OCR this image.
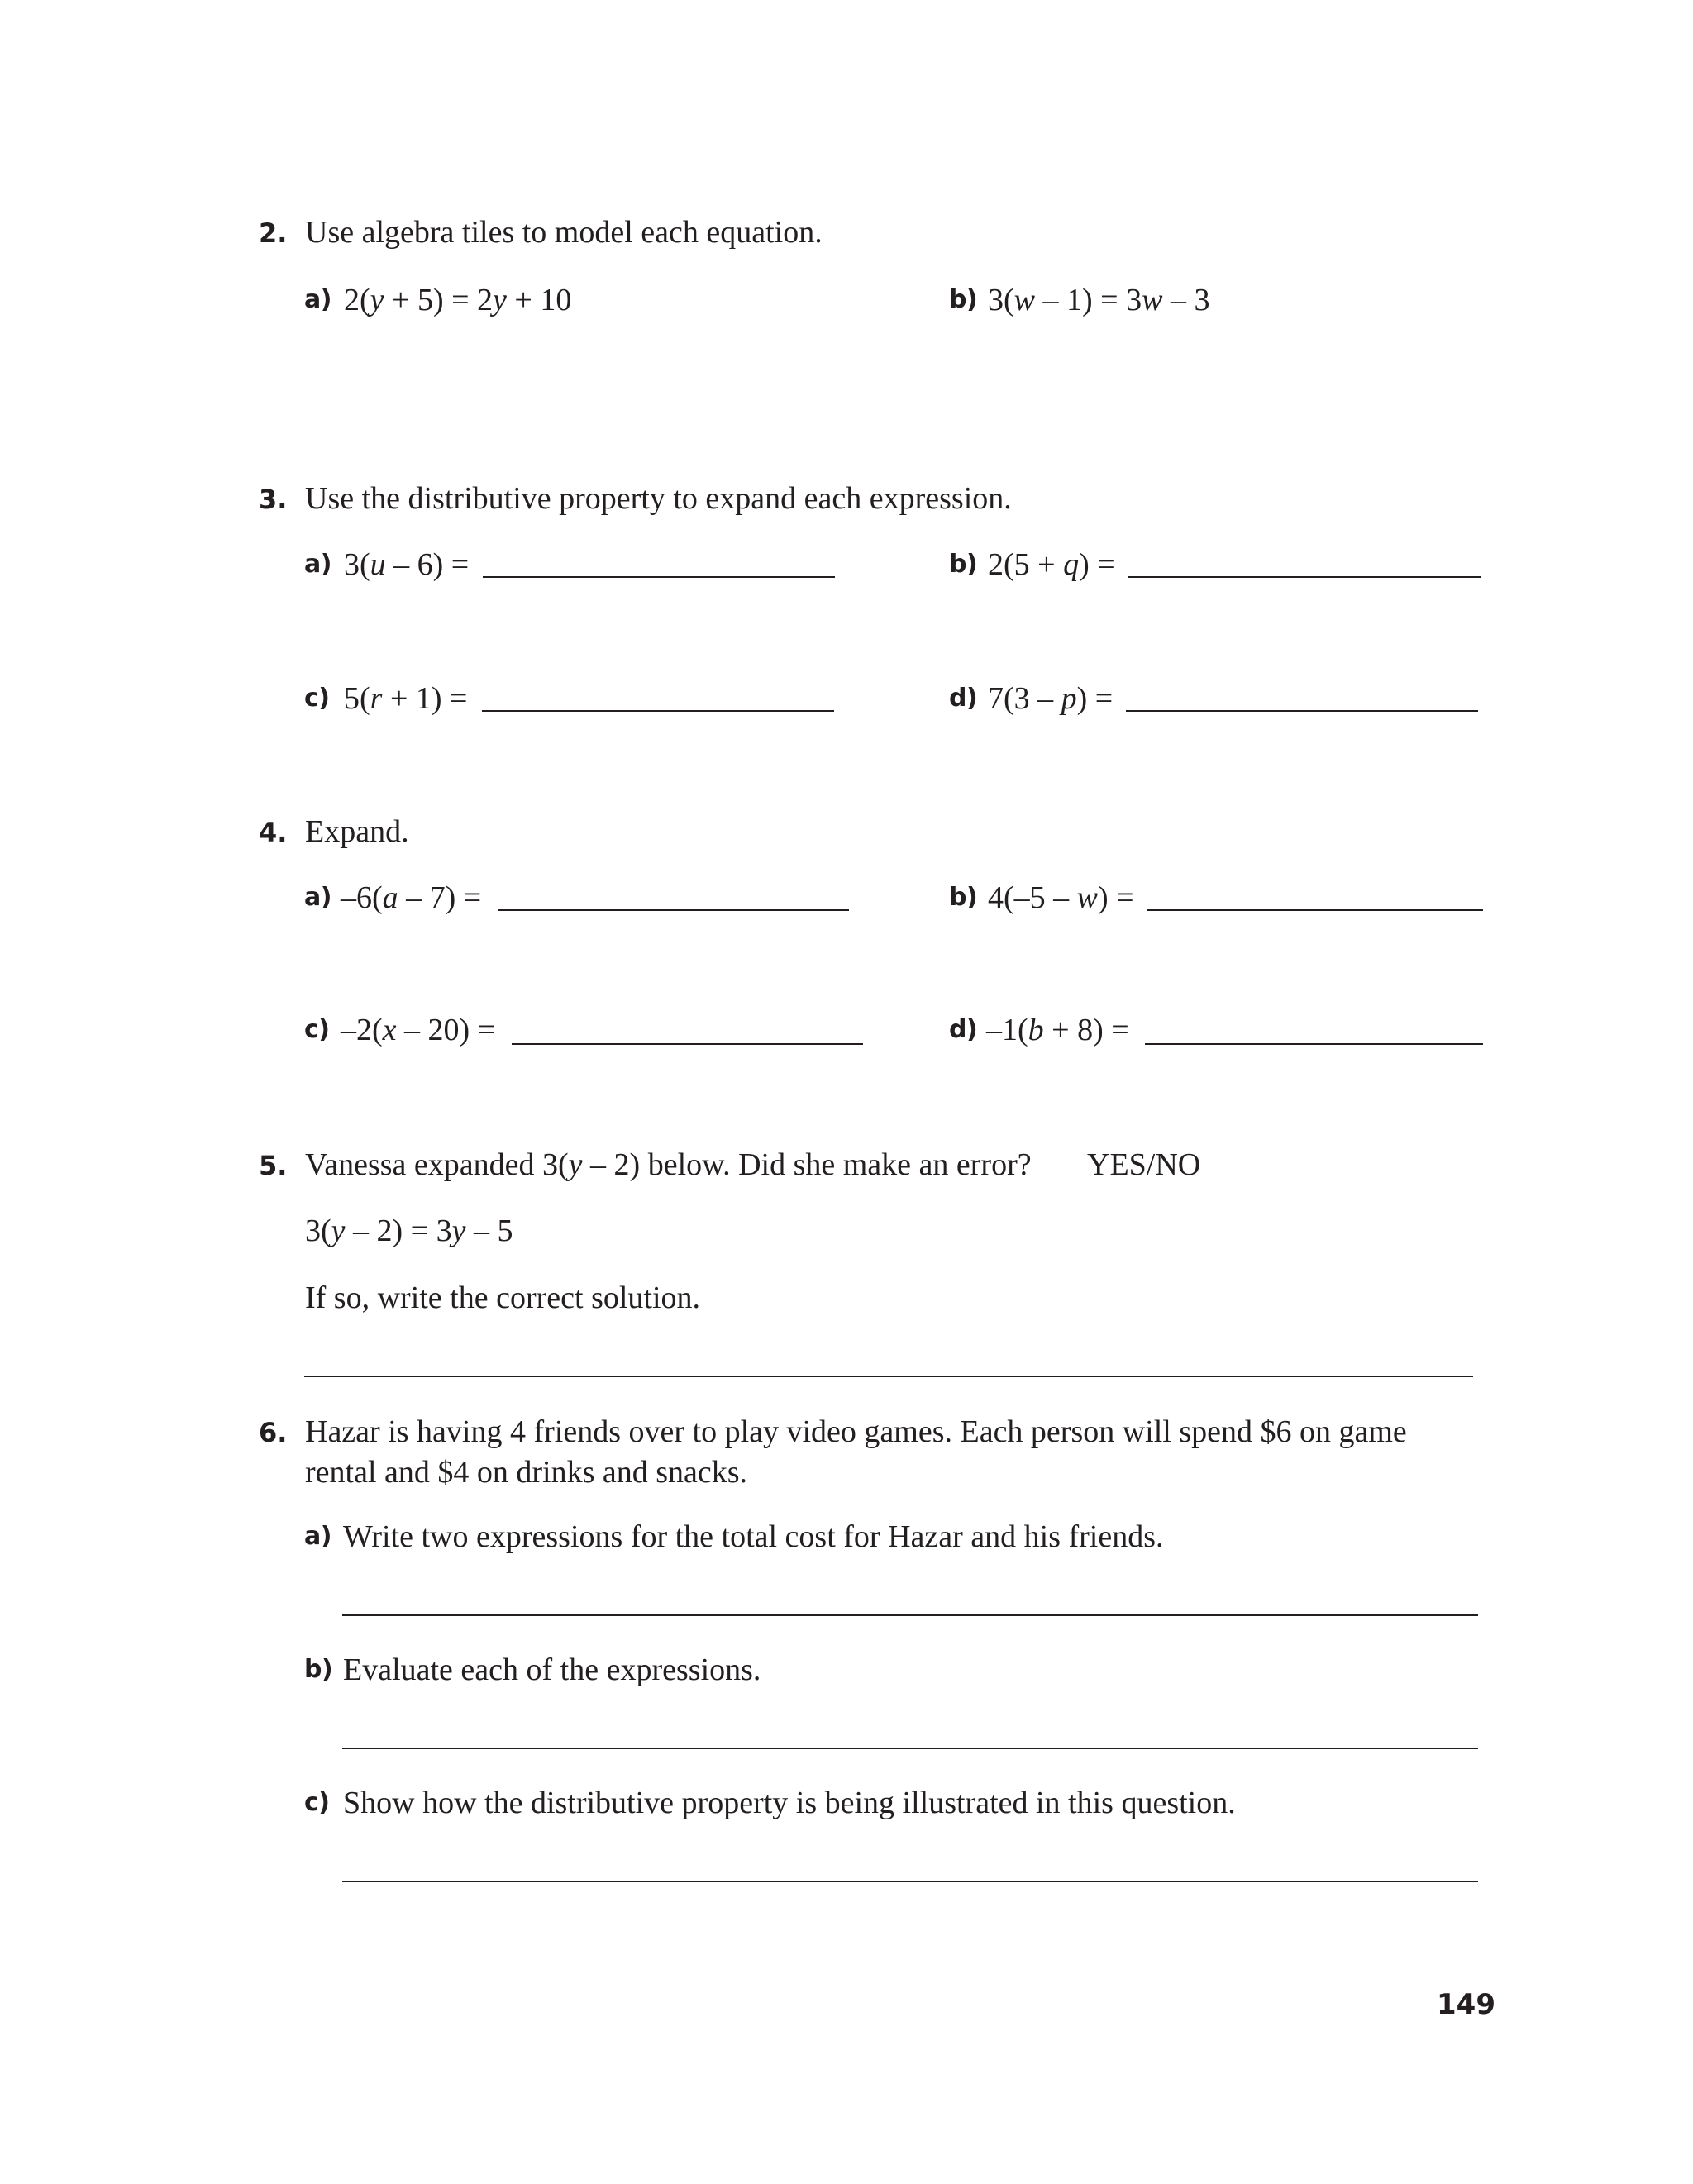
2. Use algebra tiles to model each equation.
a) 2(y + 5) = 2y + 10	b) 3(w – 1) = 3w – 3
3. Use the distributive property to expand each expression.
a) 3(u – 6) =	b) 2(5 + q) =
c) 5(r + 1) =	d) 7(3 – p) =
4. Expand.
a) –6(a – 7) =	b) 4(–5 – w) =
c) –2(x – 20) =	d) –1(b + 8) =
5. Vanessa expanded 3(y – 2) below. Did she make an error? YES/NO
3(y – 2) = 3y – 5
If so, write the correct solution.
6. Hazar is having 4 friends over to play video games. Each person will spend $6 on game
rental and $4 on drinks and snacks.
a) Write two expressions for the total cost for Hazar and his friends.
b) Evaluate each of the expressions.
c) Show how the distributive property is being illustrated in this question.
149
